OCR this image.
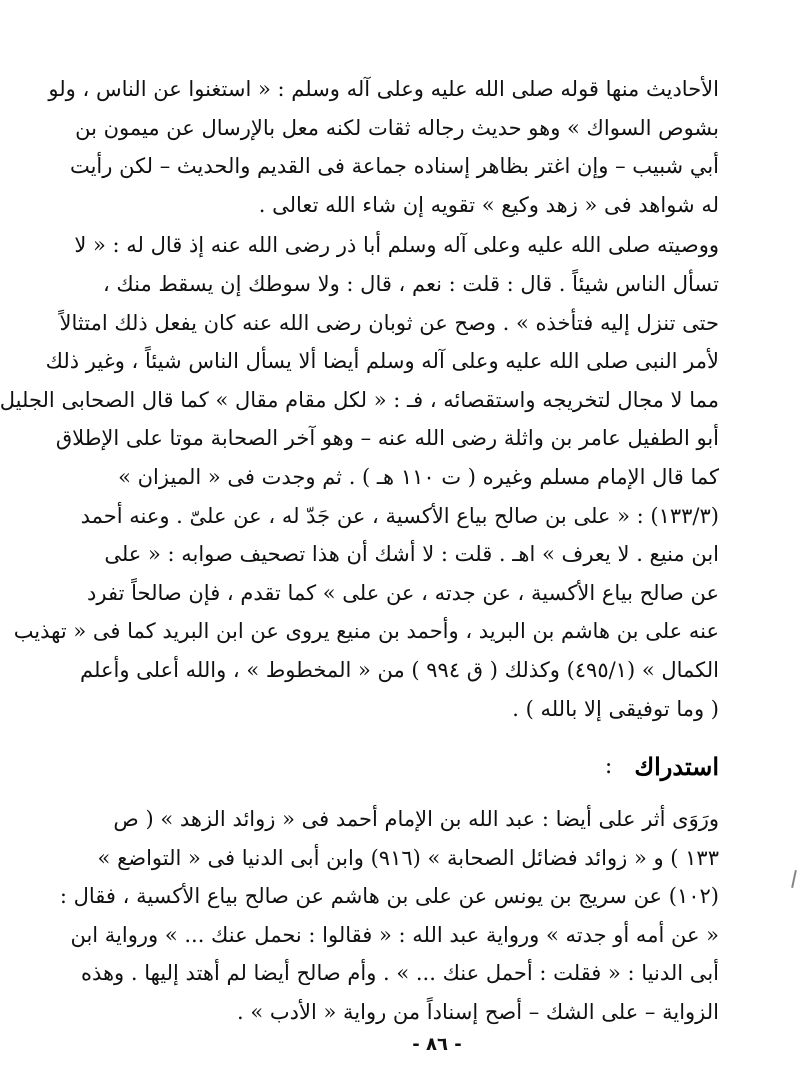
الأحاديث منها قوله صلى الله عليه وعلى آله وسلم : « استغنوا عن الناس ، ولو
بشوص السواك » وهو حديث رجاله ثقات لكنه معل بالإرسال عن ميمون بن
أبي شبيب – وإن اغتر بظاهر إسناده جماعة فى القديم والحديث – لكن رأيت
له شواهد فى « زهد وكيع » تقويه إن شاء الله تعالى .
ووصيته صلى الله عليه وعلى آله وسلم أبا ذر رضى الله عنه إذ قال له : « لا
تسأل الناس شيئاً . قال : قلت : نعم ، قال : ولا سوطك إن يسقط منك ،
حتى تنزل إليه فتأخذه » . وصح عن ثوبان رضى الله عنه كان يفعل ذلك امتثالاً
لأمر النبى صلى الله عليه وعلى آله وسلم أيضا ألا يسأل الناس شيئاً ، وغير ذلك
مما لا مجال لتخريجه واستقصائه ، فـ : « لكل مقام مقال » كما قال الصحابى الجليل
أبو الطفيل عامر بن واثلة رضى الله عنه – وهو آخر الصحابة موتا على الإطلاق
كما قال الإمام مسلم وغيره ( ت ١١٠ هـ ) . ثم وجدت فى « الميزان »
(١٣٣/٣) : « على بن صالح بياع الأكسية ، عن جَدّ له ، عن علىّ . وعنه أحمد
ابن منيع . لا يعرف » اهـ . قلت : لا أشك أن هذا تصحيف صوابه : « على
عن صالح بياع الأكسية ، عن جدته ، عن على » كما تقدم ، فإن صالحاً تفرد
عنه على بن هاشم بن البريد ، وأحمد بن منيع يروى عن ابن البريد كما فى « تهذيب
الكمال » (٤٩٥/١) وكذلك ( ق ٩٩٤ ) من « المخطوط » ، والله أعلى وأعلم
( وما توفيقى إلا بالله ) .
استدراك
:
ورَوَى أثر على أيضا : عبد الله بن الإمام أحمد فى « زوائد الزهد » ( ص
١٣٣ ) و « زوائد فضائل الصحابة » (٩١٦) وابن أبى الدنيا فى « التواضع »
(١٠٢) عن سريج بن يونس عن على بن هاشم عن صالح بياع الأكسية ، فقال :
« عن أمه أو جدته » ورواية عبد الله : « فقالوا : نحمل عنك ... » ورواية ابن
أبى الدنيا : « فقلت : أحمل عنك ... » . وأم صالح أيضا لم أهتد إليها . وهذه
الزواية – على الشك – أصح إسناداً من رواية « الأدب » .
- ٨٦ -
